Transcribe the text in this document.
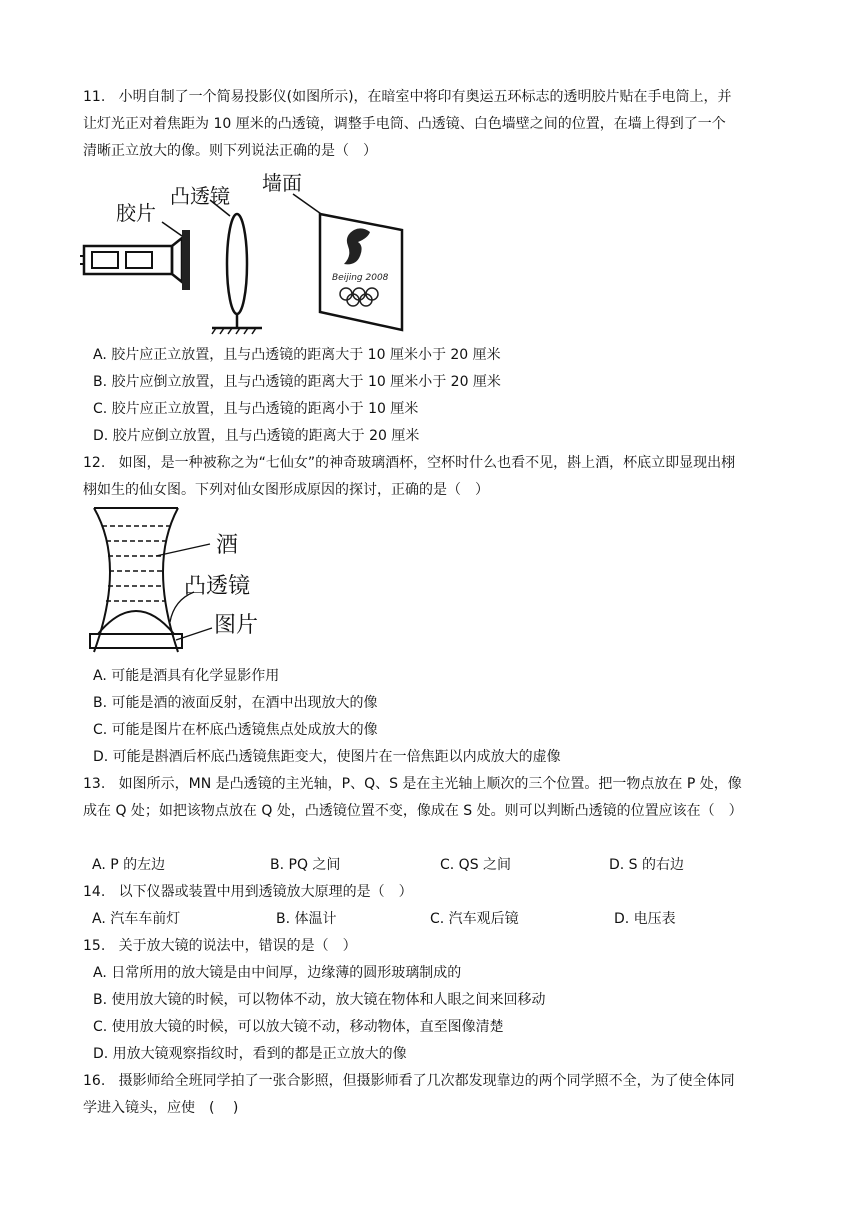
11. 小明自制了一个简易投影仪(如图所示)，在暗室中将印有奥运五环标志的透明胶片贴在手电筒上，并
让灯光正对着焦距为 10 厘米的凸透镜，调整手电筒、凸透镜、白色墙壁之间的位置，在墙上得到了一个
清晰正立放大的像。则下列说法正确的是（　）
胶片
凸透镜
墙面
Beijing 2008
A. 胶片应正立放置，且与凸透镜的距离大于 10 厘米小于 20 厘米
B. 胶片应倒立放置，且与凸透镜的距离大于 10 厘米小于 20 厘米
C. 胶片应正立放置，且与凸透镜的距离小于 10 厘米
D. 胶片应倒立放置，且与凸透镜的距离大于 20 厘米
12. 如图，是一种被称之为“七仙女”的神奇玻璃酒杯，空杯时什么也看不见，斟上酒，杯底立即显现出栩
栩如生的仙女图。下列对仙女图形成原因的探讨，正确的是（　）
酒
凸透镜
图片
A. 可能是酒具有化学显影作用
B. 可能是酒的液面反射，在酒中出现放大的像
C. 可能是图片在杯底凸透镜焦点处成放大的像
D. 可能是斟酒后杯底凸透镜焦距变大，使图片在一倍焦距以内成放大的虚像
13. 如图所示，MN 是凸透镜的主光轴，P、Q、S 是在主光轴上顺次的三个位置。把一物点放在 P 处，像
成在 Q 处；如把该物点放在 Q 处，凸透镜位置不变，像成在 S 处。则可以判断凸透镜的位置应该在（　）
A. P 的左边	B. PQ 之间	C. QS 之间	D. S 的右边
14. 以下仪器或装置中用到透镜放大原理的是（　）
A. 汽车车前灯	B. 体温计	C. 汽车观后镜	D. 电压表
15. 关于放大镜的说法中，错误的是（　）
A. 日常所用的放大镜是由中间厚，边缘薄的圆形玻璃制成的
B. 使用放大镜的时候，可以物体不动，放大镜在物体和人眼之间来回移动
C. 使用放大镜的时候，可以放大镜不动，移动物体，直至图像清楚
D. 用放大镜观察指纹时，看到的都是正立放大的像
16. 摄影师给全班同学拍了一张合影照，但摄影师看了几次都发现靠边的两个同学照不全，为了使全体同
学进入镜头，应使　(　 )
